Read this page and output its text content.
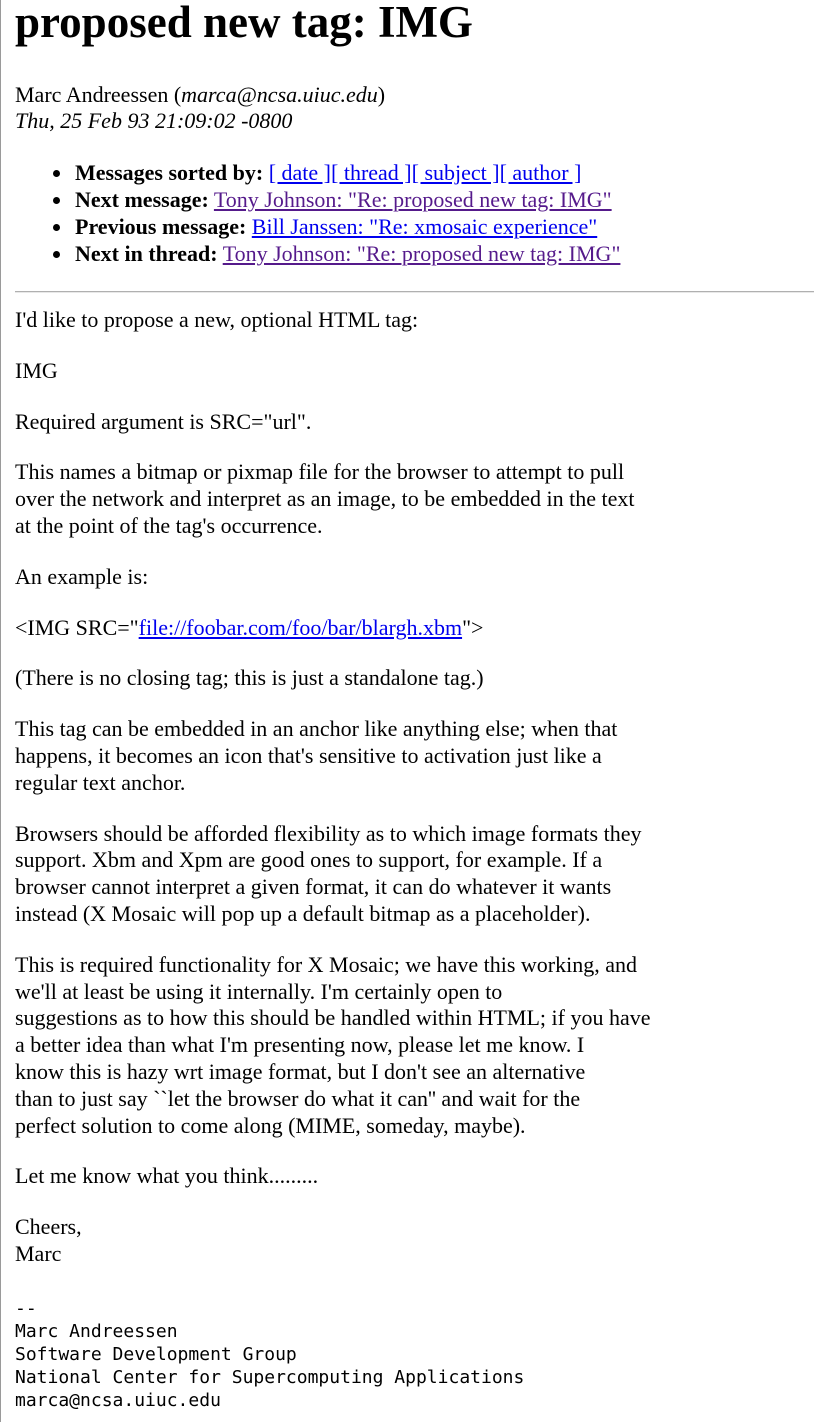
proposed new tag: IMG
Marc Andreessen (marca@ncsa.uiuc.edu)
Thu, 25 Feb 93 21:09:02 -0800
Messages sorted by: [ date ][ thread ][ subject ][ author ]
Next message: Tony Johnson: "Re: proposed new tag: IMG"
Previous message: Bill Janssen: "Re: xmosaic experience"
Next in thread: Tony Johnson: "Re: proposed new tag: IMG"

I'd like to propose a new, optional HTML tag:

IMG

Required argument is SRC="url".

This names a bitmap or pixmap file for the browser to attempt to pull
over the network and interpret as an image, to be embedded in the text
at the point of the tag's occurrence.

An example is:

<IMG SRC="file://foobar.com/foo/bar/blargh.xbm">

(There is no closing tag; this is just a standalone tag.)

This tag can be embedded in an anchor like anything else; when that
happens, it becomes an icon that's sensitive to activation just like a
regular text anchor.

Browsers should be afforded flexibility as to which image formats they
support. Xbm and Xpm are good ones to support, for example. If a
browser cannot interpret a given format, it can do whatever it wants
instead (X Mosaic will pop up a default bitmap as a placeholder).

This is required functionality for X Mosaic; we have this working, and
we'll at least be using it internally. I'm certainly open to
suggestions as to how this should be handled within HTML; if you have
a better idea than what I'm presenting now, please let me know. I
know this is hazy wrt image format, but I don't see an alternative
than to just say ``let the browser do what it can'' and wait for the
perfect solution to come along (MIME, someday, maybe).

Let me know what you think.........

Cheers,
Marc

--
Marc Andreessen
Software Development Group
National Center for Supercomputing Applications
marca@ncsa.uiuc.edu
